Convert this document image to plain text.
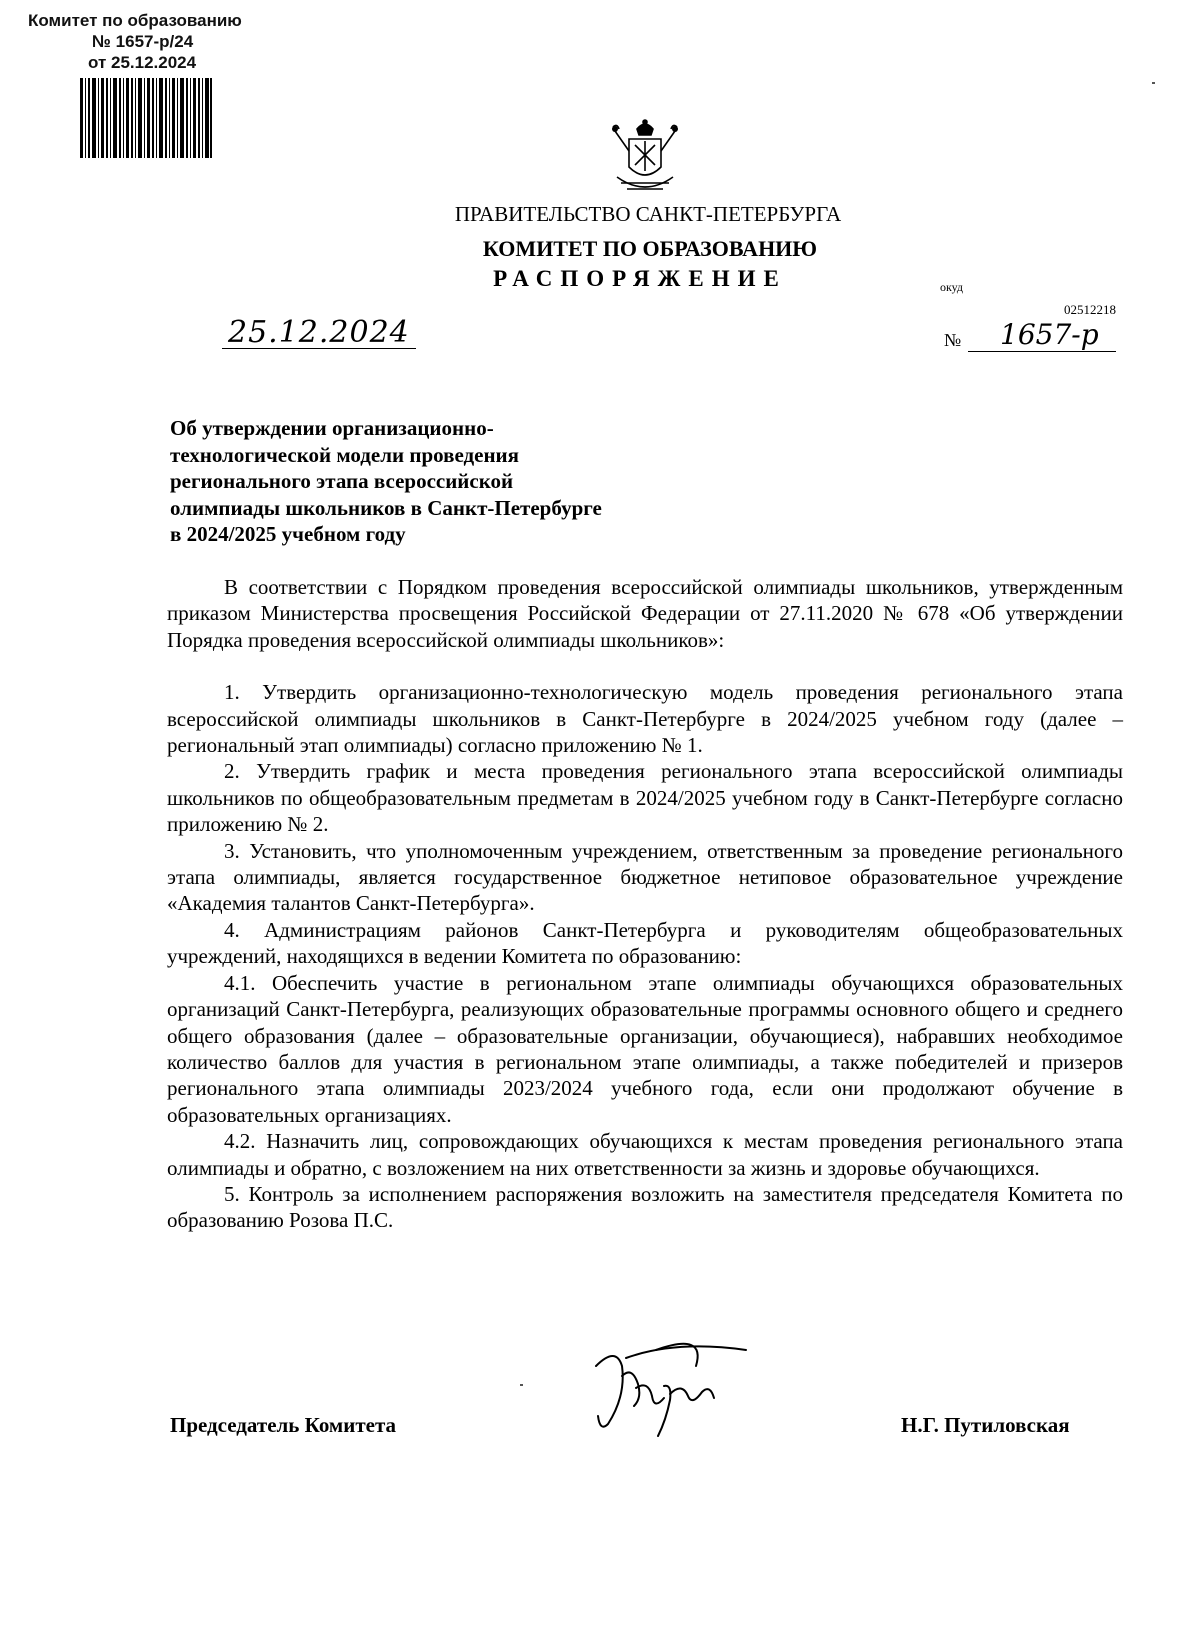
Комитет по образованию
№ 1657-р/24
от 25.12.2024
ПРАВИТЕЛЬСТВО САНКТ-ПЕТЕРБУРГА
КОМИТЕТ ПО ОБРАЗОВАНИЮ
РАСПОРЯЖЕНИЕ	окуд
02512218
25.12.2024	№ 1657-р
Об утверждении организационно-
технологической модели проведения
регионального этапа всероссийской
олимпиады школьников в Санкт-Петербурге
в 2024/2025 учебном году

В соответствии с Порядком проведения всероссийской олимпиады школьников, утвержденным приказом Министерства просвещения Российской Федерации от 27.11.2020 № 678 «Об утверждении Порядка проведения всероссийской олимпиады школьников»:

1. Утвердить организационно-технологическую модель проведения регионального этапа всероссийской олимпиады школьников в Санкт-Петербурге в 2024/2025 учебном году (далее – региональный этап олимпиады) согласно приложению № 1.

2. Утвердить график и места проведения регионального этапа всероссийской олимпиады школьников по общеобразовательным предметам в 2024/2025 учебном году в Санкт-Петербурге согласно приложению № 2.

3. Установить, что уполномоченным учреждением, ответственным за проведение регионального этапа олимпиады, является государственное бюджетное нетиповое образовательное учреждение «Академия талантов Санкт-Петербурга».

4. Администрациям районов Санкт-Петербурга и руководителям общеобразовательных учреждений, находящихся в ведении Комитета по образованию:

4.1. Обеспечить участие в региональном этапе олимпиады обучающихся образовательных организаций Санкт-Петербурга, реализующих образовательные программы основного общего и среднего общего образования (далее – образовательные организации, обучающиеся), набравших необходимое количество баллов для участия в региональном этапе олимпиады, а также победителей и призеров регионального этапа олимпиады 2023/2024 учебного года, если они продолжают обучение в образовательных организациях.

4.2. Назначить лиц, сопровождающих обучающихся к местам проведения регионального этапа олимпиады и обратно, с возложением на них ответственности за жизнь и здоровье обучающихся.

5. Контроль за исполнением распоряжения возложить на заместителя председателя Комитета по образованию Розова П.С.

Председатель Комитета	Н.Г. Путиловская
